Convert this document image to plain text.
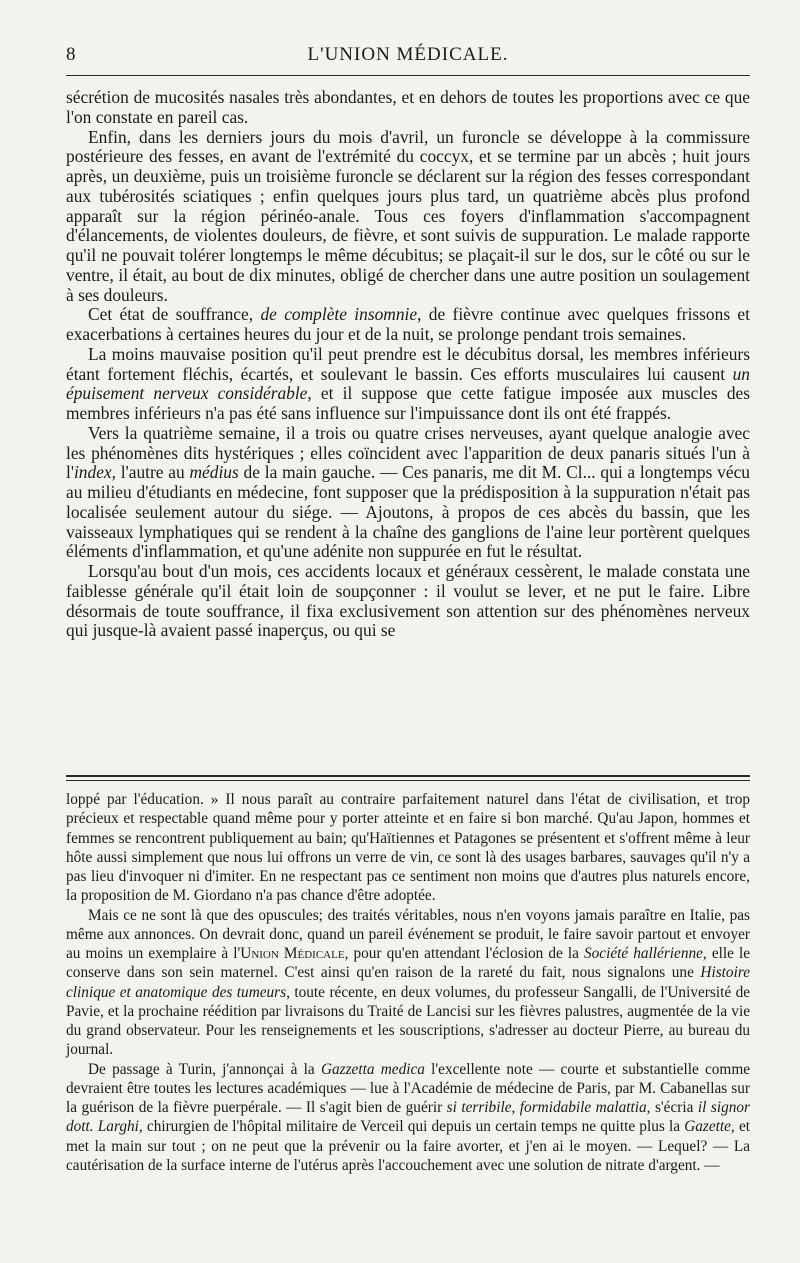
8	L'UNION MÉDICALE.

sécrétion de mucosités nasales très abondantes, et en dehors de toutes les proportions avec ce que l'on constate en pareil cas.

Enfin, dans les derniers jours du mois d'avril, un furoncle se développe à la commissure postérieure des fesses, en avant de l'extrémité du coccyx, et se termine par un abcès ; huit jours après, un deuxième, puis un troisième furoncle se déclarent sur la région des fesses correspondant aux tubérosités sciatiques ; enfin quelques jours plus tard, un quatrième abcès plus profond apparaît sur la région périnéo-anale. Tous ces foyers d'inflammation s'accompagnent d'élancements, de violentes douleurs, de fièvre, et sont suivis de suppuration. Le malade rapporte qu'il ne pouvait tolérer longtemps le même décubitus; se plaçait-il sur le dos, sur le côté ou sur le ventre, il était, au bout de dix minutes, obligé de chercher dans une autre position un soulagement à ses douleurs.

Cet état de souffrance, de complète insomnie, de fièvre continue avec quelques frissons et exacerbations à certaines heures du jour et de la nuit, se prolonge pendant trois semaines.

La moins mauvaise position qu'il peut prendre est le décubitus dorsal, les membres inférieurs étant fortement fléchis, écartés, et soulevant le bassin. Ces efforts musculaires lui causent un épuisement nerveux considérable, et il suppose que cette fatigue imposée aux muscles des membres inférieurs n'a pas été sans influence sur l'impuissance dont ils ont été frappés.

Vers la quatrième semaine, il a trois ou quatre crises nerveuses, ayant quelque analogie avec les phénomènes dits hystériques ; elles coïncident avec l'apparition de deux panaris situés l'un à l'index, l'autre au médius de la main gauche. — Ces panaris, me dit M. Cl... qui a longtemps vécu au milieu d'étudiants en médecine, font supposer que la prédisposition à la suppuration n'était pas localisée seulement autour du siége. — Ajoutons, à propos de ces abcès du bassin, que les vaisseaux lymphatiques qui se rendent à la chaîne des ganglions de l'aine leur portèrent quelques éléments d'inflammation, et qu'une adénite non suppurée en fut le résultat.

Lorsqu'au bout d'un mois, ces accidents locaux et généraux cessèrent, le malade constata une faiblesse générale qu'il était loin de soupçonner : il voulut se lever, et ne put le faire. Libre désormais de toute souffrance, il fixa exclusivement son attention sur des phénomènes nerveux qui jusque-là avaient passé inaperçus, ou qui se

loppé par l'éducation. » Il nous paraît au contraire parfaitement naturel dans l'état de civilisation, et trop précieux et respectable quand même pour y porter atteinte et en faire si bon marché. Qu'au Japon, hommes et femmes se rencontrent publiquement au bain; qu'Haïtiennes et Patagones se présentent et s'offrent même à leur hôte aussi simplement que nous lui offrons un verre de vin, ce sont là des usages barbares, sauvages qu'il n'y a pas lieu d'invoquer ni d'imiter. En ne respectant pas ce sentiment non moins que d'autres plus naturels encore, la proposition de M. Giordano n'a pas chance d'être adoptée.

Mais ce ne sont là que des opuscules; des traités véritables, nous n'en voyons jamais paraître en Italie, pas même aux annonces. On devrait donc, quand un pareil événement se produit, le faire savoir partout et envoyer au moins un exemplaire à l'Union Médicale, pour qu'en attendant l'éclosion de la Société hallérienne, elle le conserve dans son sein maternel. C'est ainsi qu'en raison de la rareté du fait, nous signalons une Histoire clinique et anatomique des tumeurs, toute récente, en deux volumes, du professeur Sangalli, de l'Université de Pavie, et la prochaine réédition par livraisons du Traité de Lancisi sur les fièvres palustres, augmentée de la vie du grand observateur. Pour les renseignements et les souscriptions, s'adresser au docteur Pierre, au bureau du journal.

De passage à Turin, j'annonçai à la Gazzetta medica l'excellente note — courte et substantielle comme devraient être toutes les lectures académiques — lue à l'Académie de médecine de Paris, par M. Cabanellas sur la guérison de la fièvre puerpérale. — Il s'agit bien de guérir si terribile, formidabile malattia, s'écria il signor dott. Larghi, chirurgien de l'hôpital militaire de Verceil qui depuis un certain temps ne quitte plus la Gazette, et met la main sur tout ; on ne peut que la prévenir ou la faire avorter, et j'en ai le moyen. — Lequel? — La cautérisation de la surface interne de l'utérus après l'accouchement avec une solution de nitrate d'argent. —
